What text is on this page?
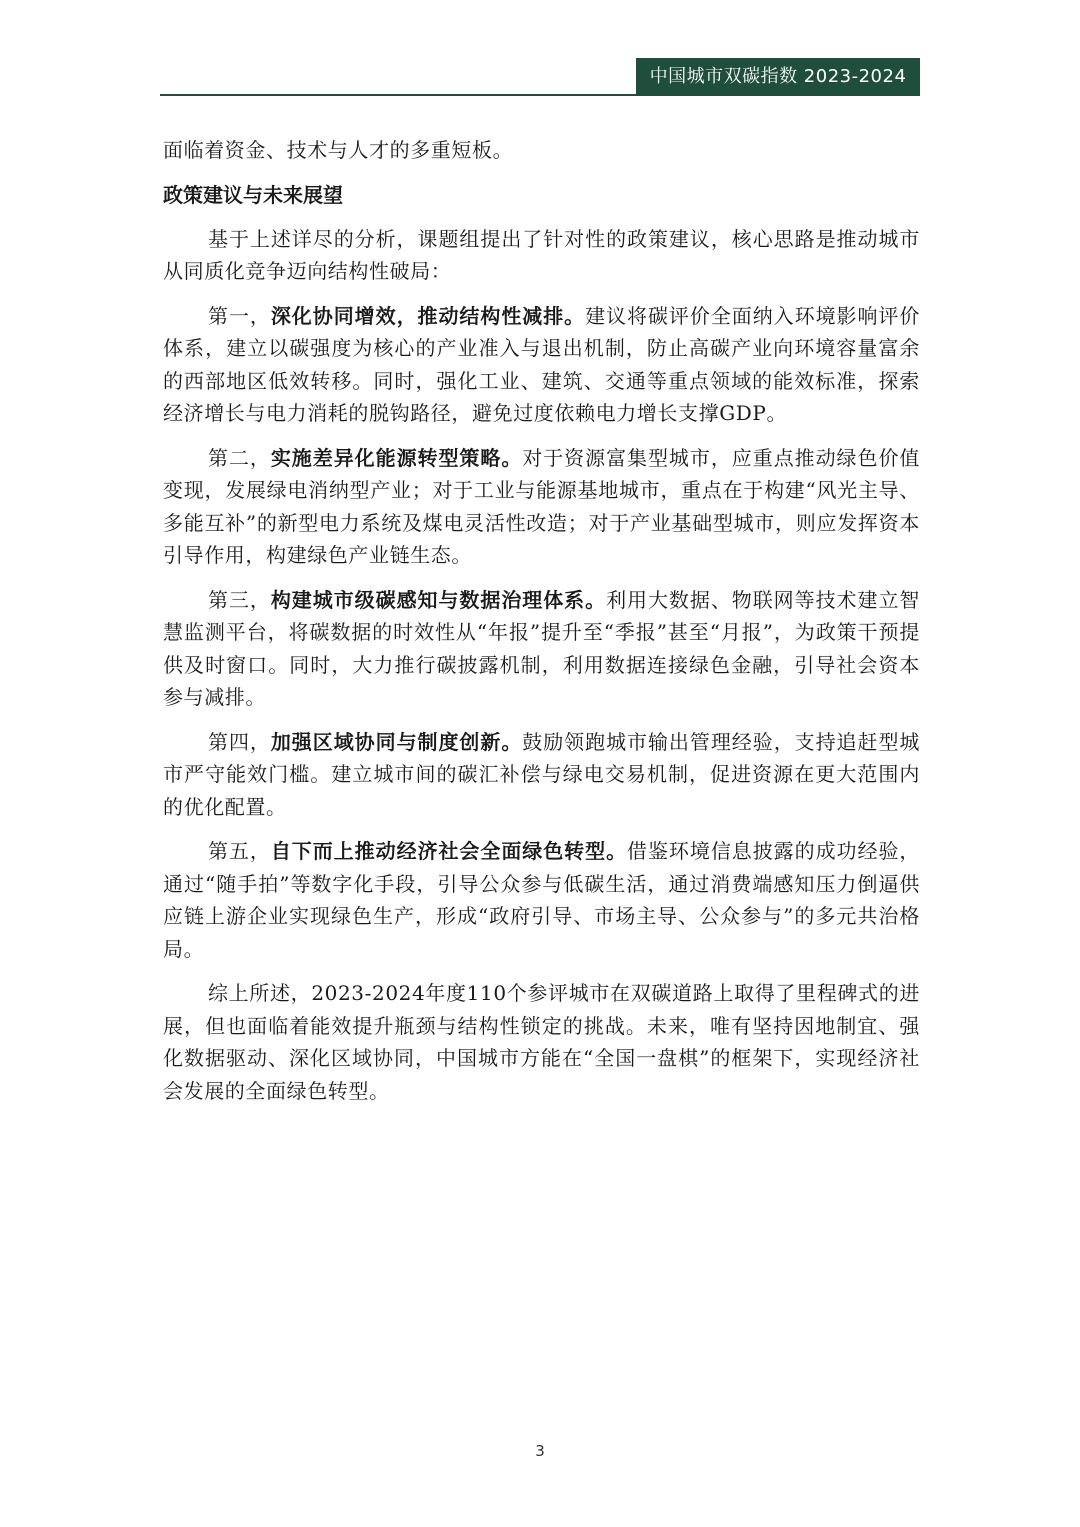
中国城市双碳指数 2023-2024

面临着资金、技术与人才的多重短板。

政策建议与未来展望

基于上述详尽的分析，课题组提出了针对性的政策建议，核心思路是推动城市从同质化竞争迈向结构性破局：

第一，深化协同增效，推动结构性减排。建议将碳评价全面纳入环境影响评价体系，建立以碳强度为核心的产业准入与退出机制，防止高碳产业向环境容量富余的西部地区低效转移。同时，强化工业、建筑、交通等重点领域的能效标准，探索经济增长与电力消耗的脱钩路径，避免过度依赖电力增长支撑GDP。

第二，实施差异化能源转型策略。对于资源富集型城市，应重点推动绿色价值变现，发展绿电消纳型产业；对于工业与能源基地城市，重点在于构建“风光主导、多能互补”的新型电力系统及煤电灵活性改造；对于产业基础型城市，则应发挥资本引导作用，构建绿色产业链生态。

第三，构建城市级碳感知与数据治理体系。利用大数据、物联网等技术建立智慧监测平台，将碳数据的时效性从“年报”提升至“季报”甚至“月报”，为政策干预提供及时窗口。同时，大力推行碳披露机制，利用数据连接绿色金融，引导社会资本参与减排。

第四，加强区域协同与制度创新。鼓励领跑城市输出管理经验，支持追赶型城市严守能效门槛。建立城市间的碳汇补偿与绿电交易机制，促进资源在更大范围内的优化配置。

第五，自下而上推动经济社会全面绿色转型。借鉴环境信息披露的成功经验，通过“随手拍”等数字化手段，引导公众参与低碳生活，通过消费端感知压力倒逼供应链上游企业实现绿色生产，形成“政府引导、市场主导、公众参与”的多元共治格局。

综上所述，2023-2024年度110个参评城市在双碳道路上取得了里程碑式的进展，但也面临着能效提升瓶颈与结构性锁定的挑战。未来，唯有坚持因地制宜、强化数据驱动、深化区域协同，中国城市方能在“全国一盘棋”的框架下，实现经济社会发展的全面绿色转型。

3
